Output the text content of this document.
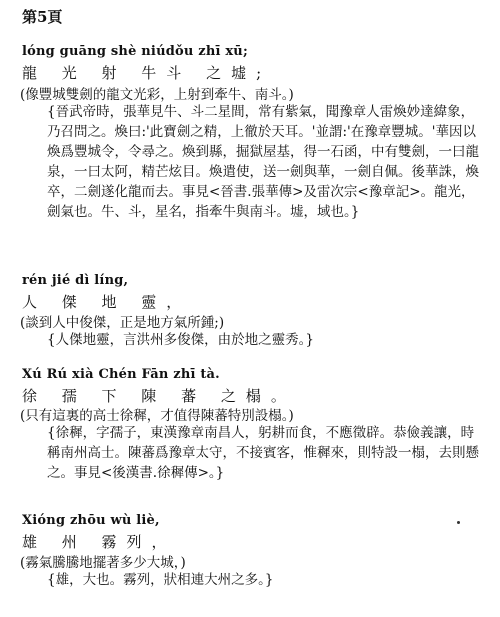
第5頁
lóng guāng shè niúdǒu zhī xū;
龍 光 射 牛斗 之墟;
(像豐城雙劍的龍文光彩，上射到牽牛、南斗。)
{晉武帝時，張華見牛、斗二星間，常有紫氣，聞豫章人雷煥妙達緯象，乃召問之。煥曰:'此寶劍之精，上徹於天耳。'並謂:'在豫章豐城。'華因以煥爲豐城令，令尋之。煥到縣，掘獄屋基，得一石函，中有雙劍，一曰龍泉，一曰太阿，精芒炫目。煥遣使，送一劍與華，一劍自佩。後華誅，煥卒，二劍遂化龍而去。事見<晉書.張華傳>及雷次宗<豫章記>。龍光，劍氣也。牛、斗，星名，指牽牛與南斗。墟，域也。}
rén jié dì líng,
人 傑 地 靈，
(談到人中俊傑，正是地方氣所鍾;)
{人傑地靈，言洪州多俊傑，由於地之靈秀。}
Xú Rú xià Chén Fān zhī tà.
徐 孺 下 陳 蕃 之榻。
(只有這裏的高士徐穉，才值得陳蕃特別設榻。)
{徐穉，字孺子，東漢豫章南昌人，躬耕而食，不應徵辟。恭儉義讓，時稱南州高士。陳蕃爲豫章太守，不接賓客，惟穉來，則特設一榻，去則懸之。事見<後漢書.徐穉傳>。}
Xióng zhōu wù liè,
雄 州 霧列，
(霧氣騰騰地擺著多少大城，)
{雄，大也。霧列，狀相連大州之多。}
